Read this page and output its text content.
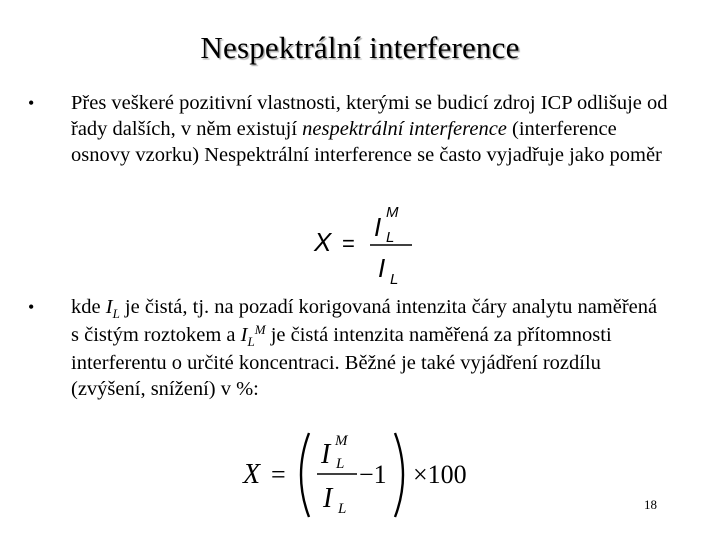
Nespektrální interference
• Přes veškeré pozitivní vlastnosti, kterými se budicí zdroj ICP odlišuje od řady dalších, v něm existují nespektrální interference (interference osnovy vzorku) Nespektrální interference se často vyjadřuje jako poměr
X =
I M
L
I L
• kde $I_L$ je čistá, tj. na pozadí korigovaná intenzita čáry analytu naměřená s čistým roztokem a $I_L^M$ je čistá intenzita naměřená za přítomnosti interferentu o určité koncentraci. Běžné je také vyjádření rozdílu (zvýšení, snížení) v %:
X =
I M
L
I L
−1 ×100
18
